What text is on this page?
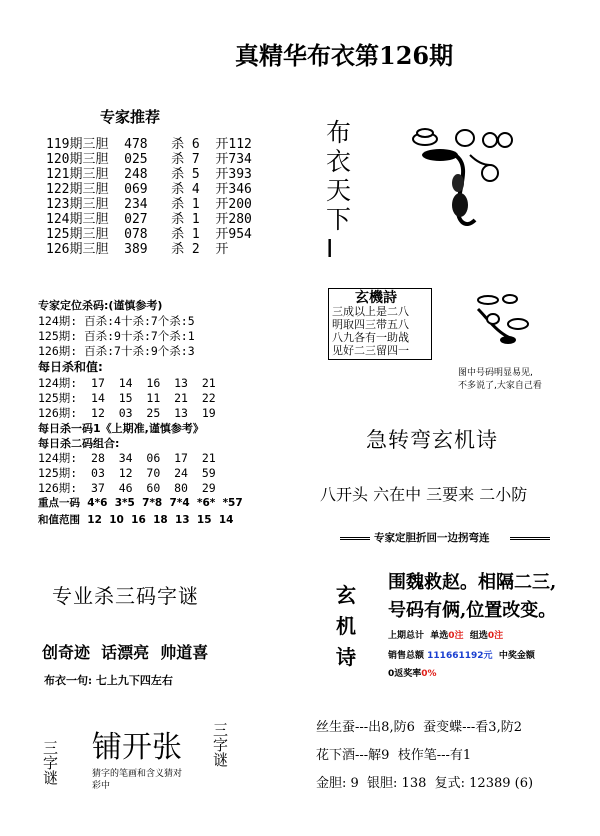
真精华布衣第126期
专家推荐
119期三胆  478   杀 6  开112
120期三胆  025   杀 7  开734
121期三胆  248   杀 5  开393
122期三胆  069   杀 4  开346
123期三胆  234   杀 1  开200
124期三胆  027   杀 1  开280
125期三胆  078   杀 1  开954
126期三胆  389   杀 2  开
专家定位杀码:(谨慎参考)
124期: 百杀:4十杀:7个杀:5
125期: 百杀:9十杀:7个杀:1
126期: 百杀:7十杀:9个杀:3
每日杀和值:
124期:  17  14  16  13  21
125期:  14  15  11  21  22
126期:  12  03  25  13  19
每日杀一码1《上期准,谨慎参考》
每日杀二码组合:
124期:  28  34  06  17  21
125期:  03  12  70  24  59
126期:  37  46  60  80  29
重点一码  4*6  3*5  7*8  7*4  *6*  *57
和值范围  12  10  16  18  13  15  14
专业杀三码字谜
创奇迹  话漂亮  帅道喜
布衣一句: 七上九下四左右
三字谜 铺开张
猜字的笔画和含义猜对彩中
三字谜
布衣天下I
玄機詩
三成以上是二八
明取四三带五八
八九各有一助战
见好二三留四一
图中号码明显易见,
不多说了,大家自己看
急转弯玄机诗
八开头 六在中 三要来 二小防
专家定胆折回一边拐弯连
玄机诗
围魏救赵。相隔二三,
号码有俩,位置改变。
上期总计  单选0注 组选0注
销售总额 111661192元 中奖金额
0返奖率0%
丝生蚕---出8,防6  蚕变蝶---看3,防2
花下酒---解9  枝作笔---有1
金胆: 9  银胆: 138  复式: 12389 (6)
